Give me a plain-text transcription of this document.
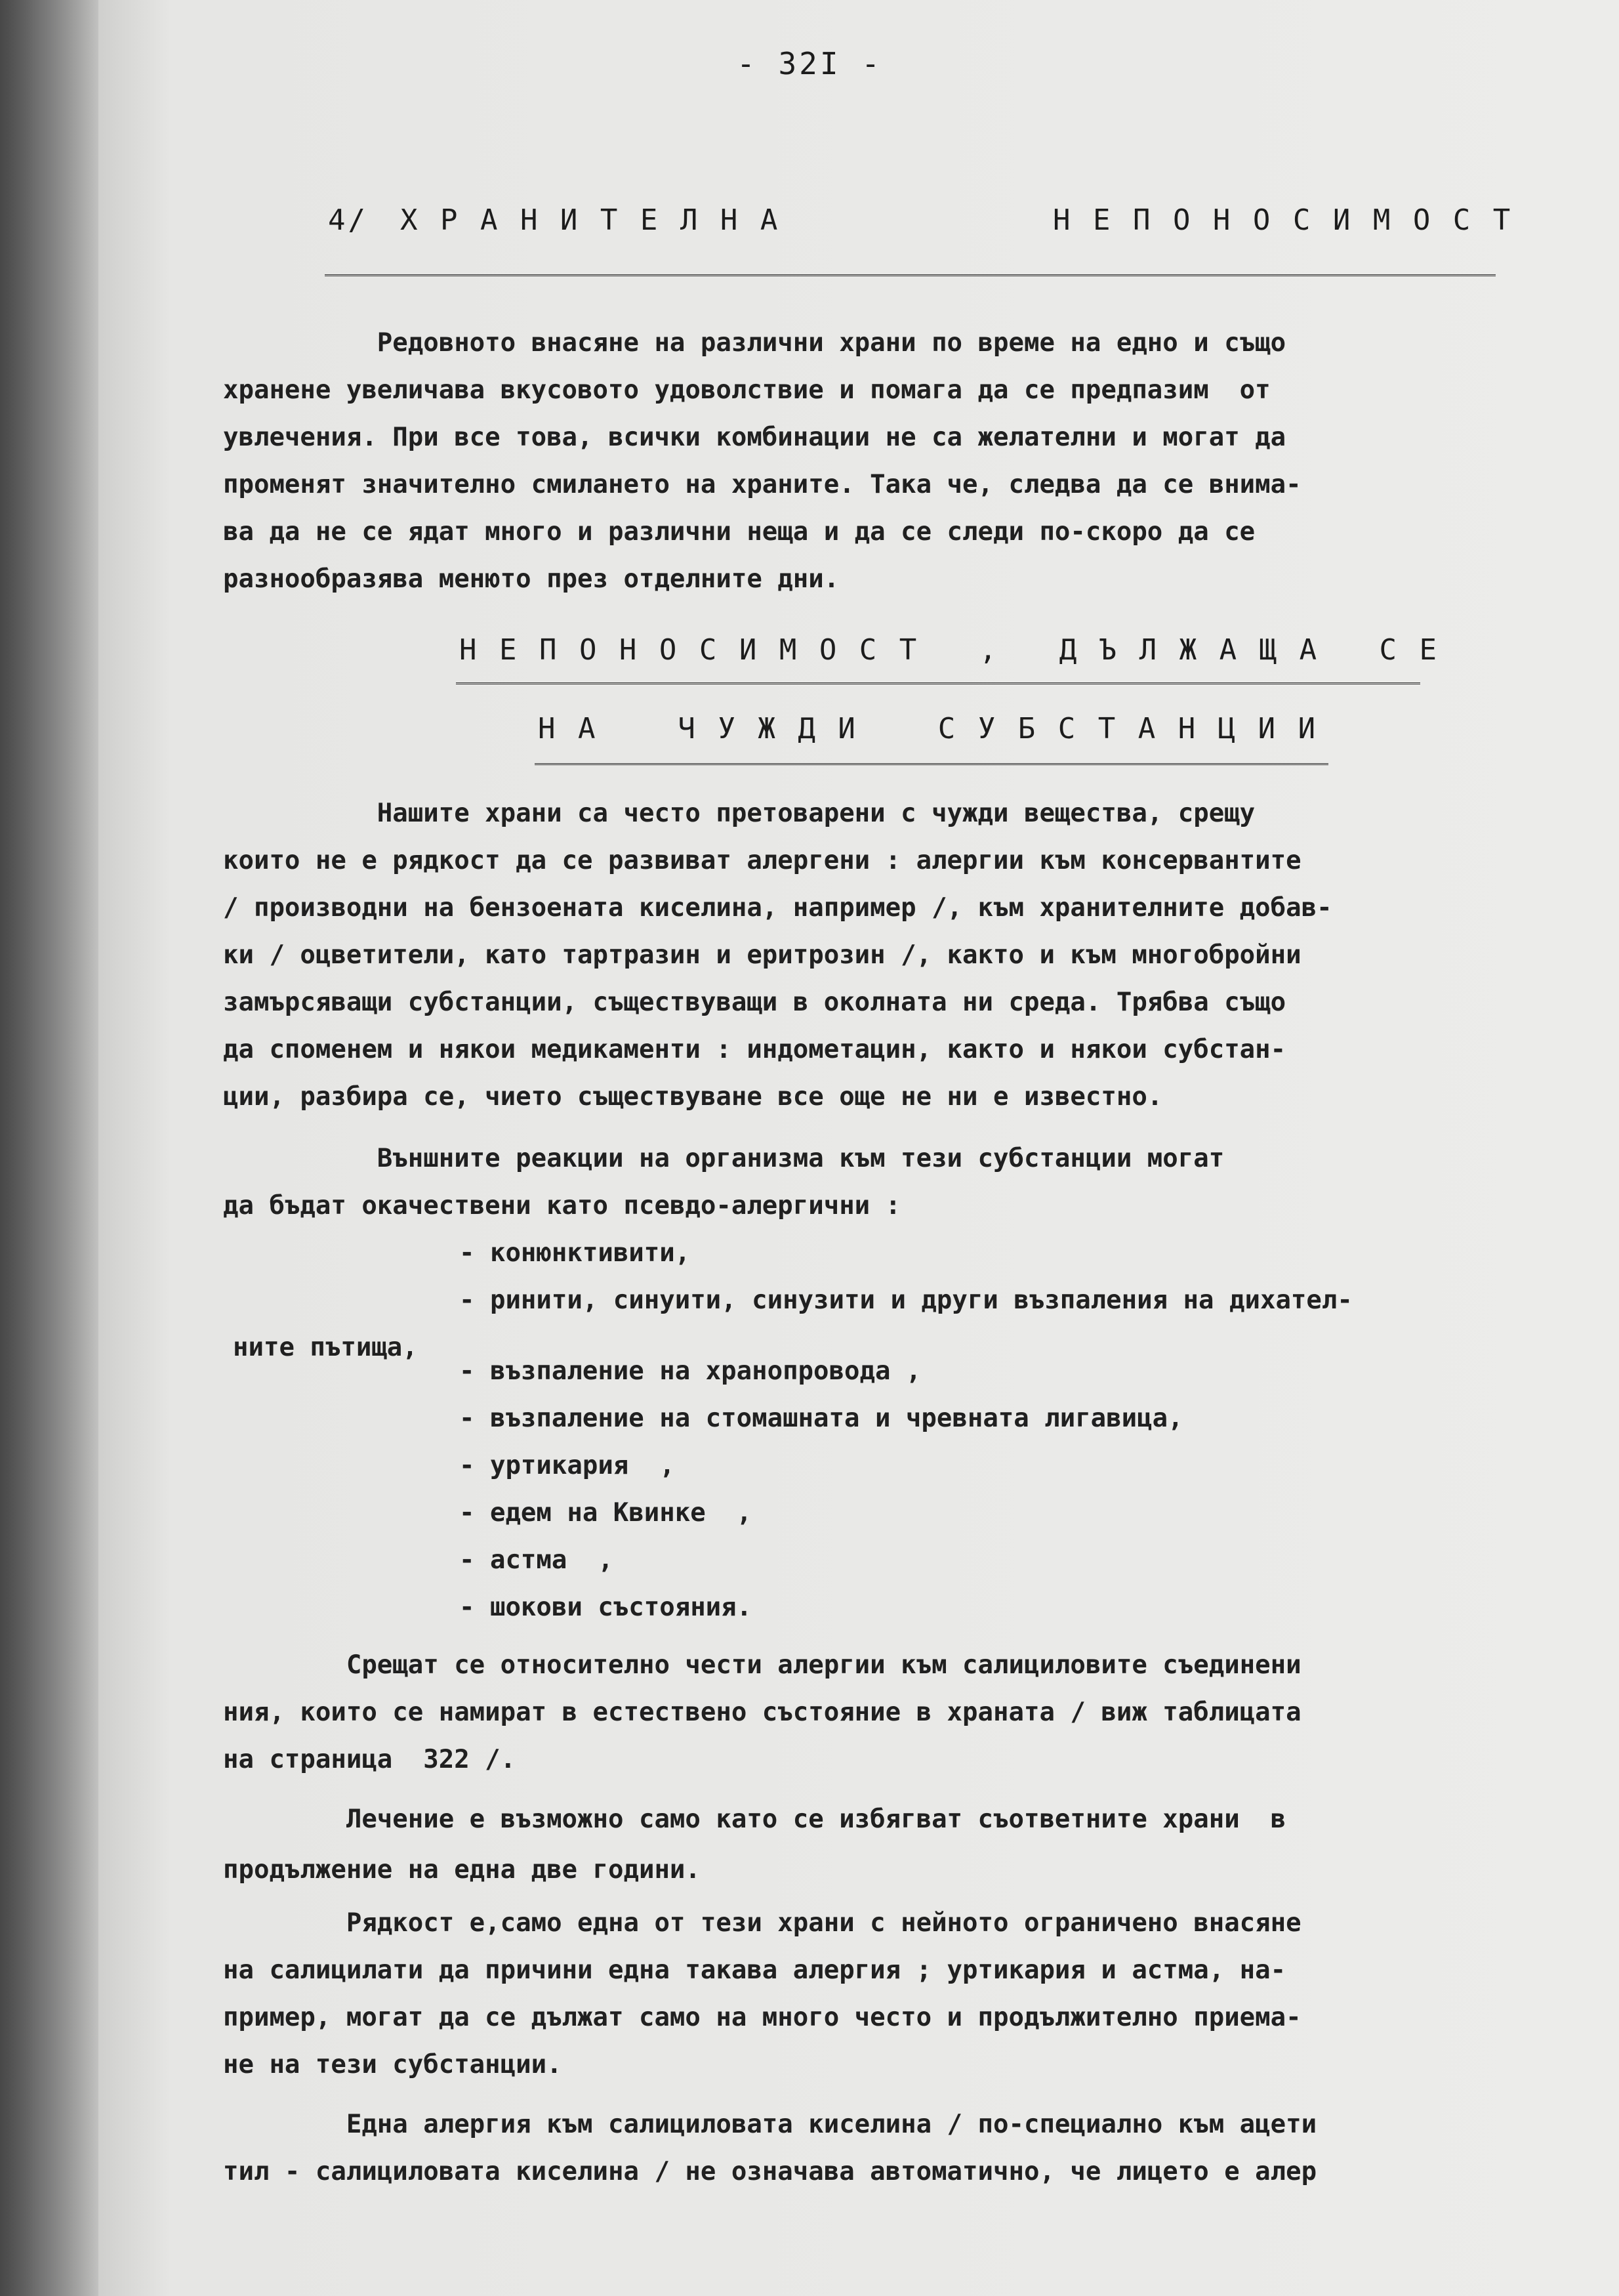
- 32I -
4/ Х Р А Н И Т Е Л Н А	Н Е П О Н О С И М О С Т
Редовното внасяне на различни храни по време на едно и също
хранене увеличава вкусовото удоволствие и помага да се предпазим  от
увлечения. При все това, всички комбинации не са желателни и могат да
променят значително смилането на храните. Така че, следва да се внима-
ва да не се ядат много и различни неща и да се следи по-скоро да се
разнообразява менюто през отделните дни.
Н Е П О Н О С И М О С Т   ,   Д Ъ Л Ж А Щ А   С Е
Н А    Ч У Ж Д И    С У Б С Т А Н Ц И И
Нашите храни са често претоварени с чужди вещества, срещу
които не е рядкост да се развиват алергени : алергии към консервантите
/ производни на бензоената киселина, например /, към хранителните добав-
ки / оцветители, като тартразин и еритрозин /, както и към многобройни
замърсяващи субстанции, съществуващи в околната ни среда. Трябва също
да споменем и някои медикаменти : индометацин, както и някои субстан-
ции, разбира се, чието съществуване все още не ни е известно.
Външните реакции на организма към тези субстанции могат
да бъдат окачествени като псевдо-алергични :
- конюнктивити,
- ринити, синуити, синузити и други възпаления на дихател-
ните пътища,
- възпаление на хранопровода ,
- възпаление на стомашната и чревната лигавица,
- уртикария  ,
- едем на Квинке  ,
- астма  ,
- шокови състояния.
Срещат се относително чести алергии към салициловите съединени
ния, които се намират в естествено състояние в храната / виж таблицата
на страница  322 /.
Лечение е възможно само като се избягват съответните храни  в
продължение на една две години.
Рядкост е,само една от тези храни с нейното ограничено внасяне
на салицилати да причини една такава алергия ; уртикария и астма, на-
пример, могат да се дължат само на много често и продължително приема-
не на тези субстанции.
Една алергия към салициловата киселина / по-специално към ацети
тил - салициловата киселина / не означава автоматично, че лицето е алер
